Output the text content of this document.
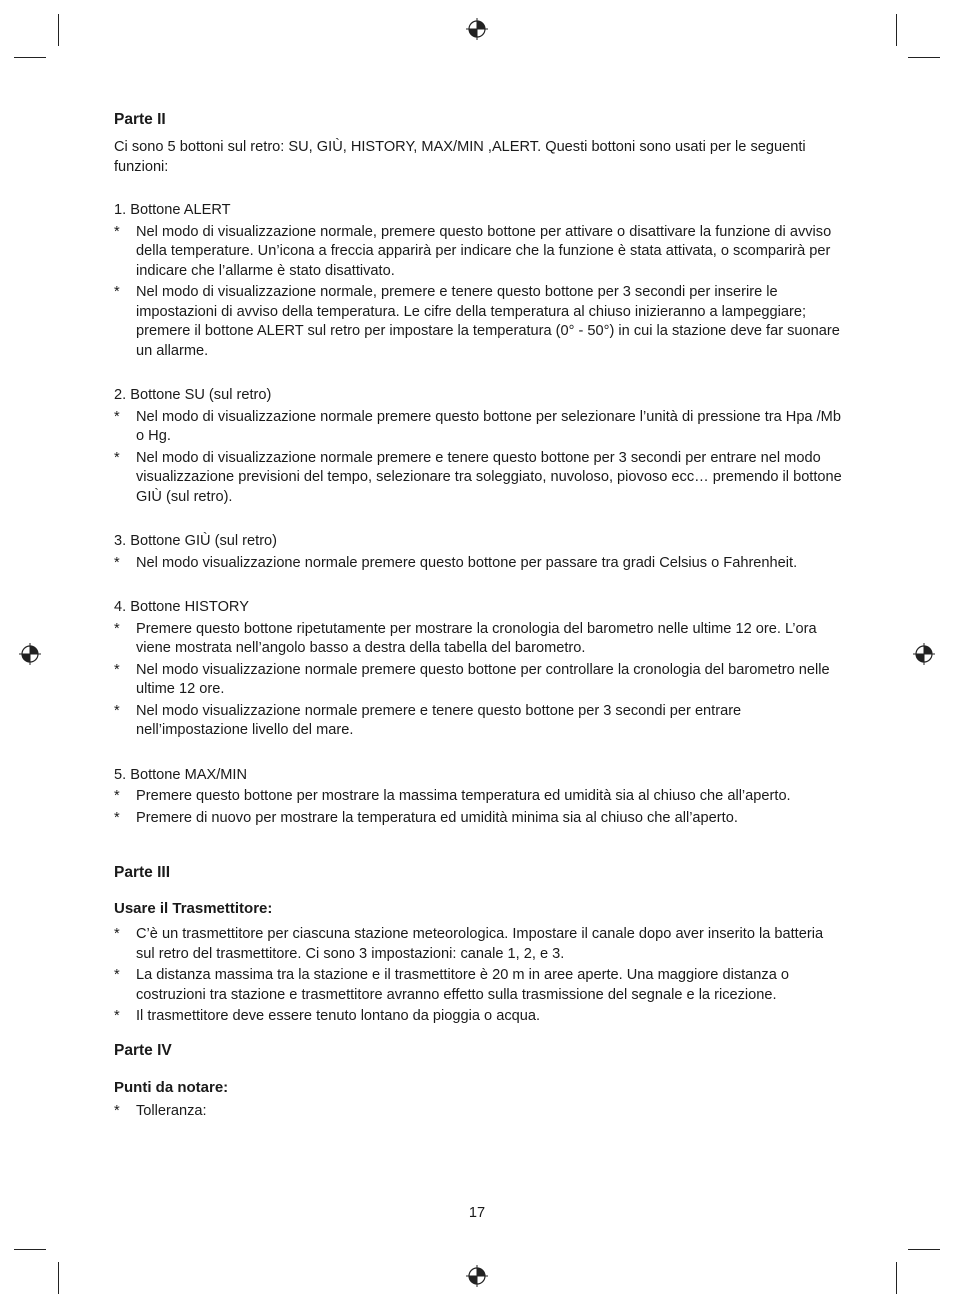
Parte II

Ci sono 5 bottoni sul retro: SU, GIÙ, HISTORY, MAX/MIN ,ALERT. Questi bottoni sono usati per le seguenti funzioni:

1. Bottone ALERT

* Nel modo di visualizzazione normale, premere questo bottone per attivare o disattivare la funzione di avviso della temperature. Un’icona a freccia apparirà per indicare che la funzione è stata attivata, o scomparirà per indicare che l’allarme è stato disattivato.
* Nel modo di visualizzazione normale, premere e tenere questo bottone per 3 secondi per inserire le impostazioni di avviso della temperatura. Le cifre della temperatura al chiuso inizieranno a lampeggiare; premere il bottone ALERT sul retro per impostare la temperatura (0° - 50°) in cui la stazione deve far suonare un allarme.

2. Bottone SU (sul retro)

* Nel modo di visualizzazione normale premere questo bottone per selezionare l’unità di pressione tra Hpa /Mb o Hg.
* Nel modo di visualizzazione normale premere e tenere questo bottone per 3 secondi per entrare nel modo visualizzazione previsioni del tempo, selezionare tra soleggiato, nuvoloso, piovoso ecc… premendo il bottone GIÙ (sul retro).

3. Bottone GIÙ (sul retro)

* Nel modo visualizzazione normale premere questo bottone per passare tra gradi Celsius o Fahrenheit.

4. Bottone HISTORY

* Premere questo bottone ripetutamente per mostrare la cronologia del barometro nelle ultime 12 ore. L’ora viene mostrata nell’angolo basso a destra della tabella del barometro.
* Nel modo visualizzazione normale premere questo bottone per controllare la cronologia del barometro nelle ultime 12 ore.
* Nel modo visualizzazione normale premere e tenere questo bottone per 3 secondi per entrare nell’impostazione livello del mare.

5. Bottone MAX/MIN

* Premere questo bottone per mostrare la massima temperatura ed umidità sia al chiuso che all’aperto.
* Premere di nuovo per mostrare la temperatura ed umidità minima sia al chiuso che all’aperto.
Parte III
Usare il Trasmettitore:
* C’è un trasmettitore per ciascuna stazione meteorologica. Impostare il canale dopo aver inserito la batteria sul retro del trasmettitore. Ci sono 3 impostazioni: canale 1, 2, e 3.
* La distanza massima tra la stazione e il trasmettitore è 20 m in aree aperte. Una maggiore distanza o costruzioni tra stazione e trasmettitore avranno effetto sulla trasmissione del segnale e la ricezione.
* Il trasmettitore deve essere tenuto lontano da pioggia o acqua.
Parte IV
Punti da notare:
* Tolleranza:
17
